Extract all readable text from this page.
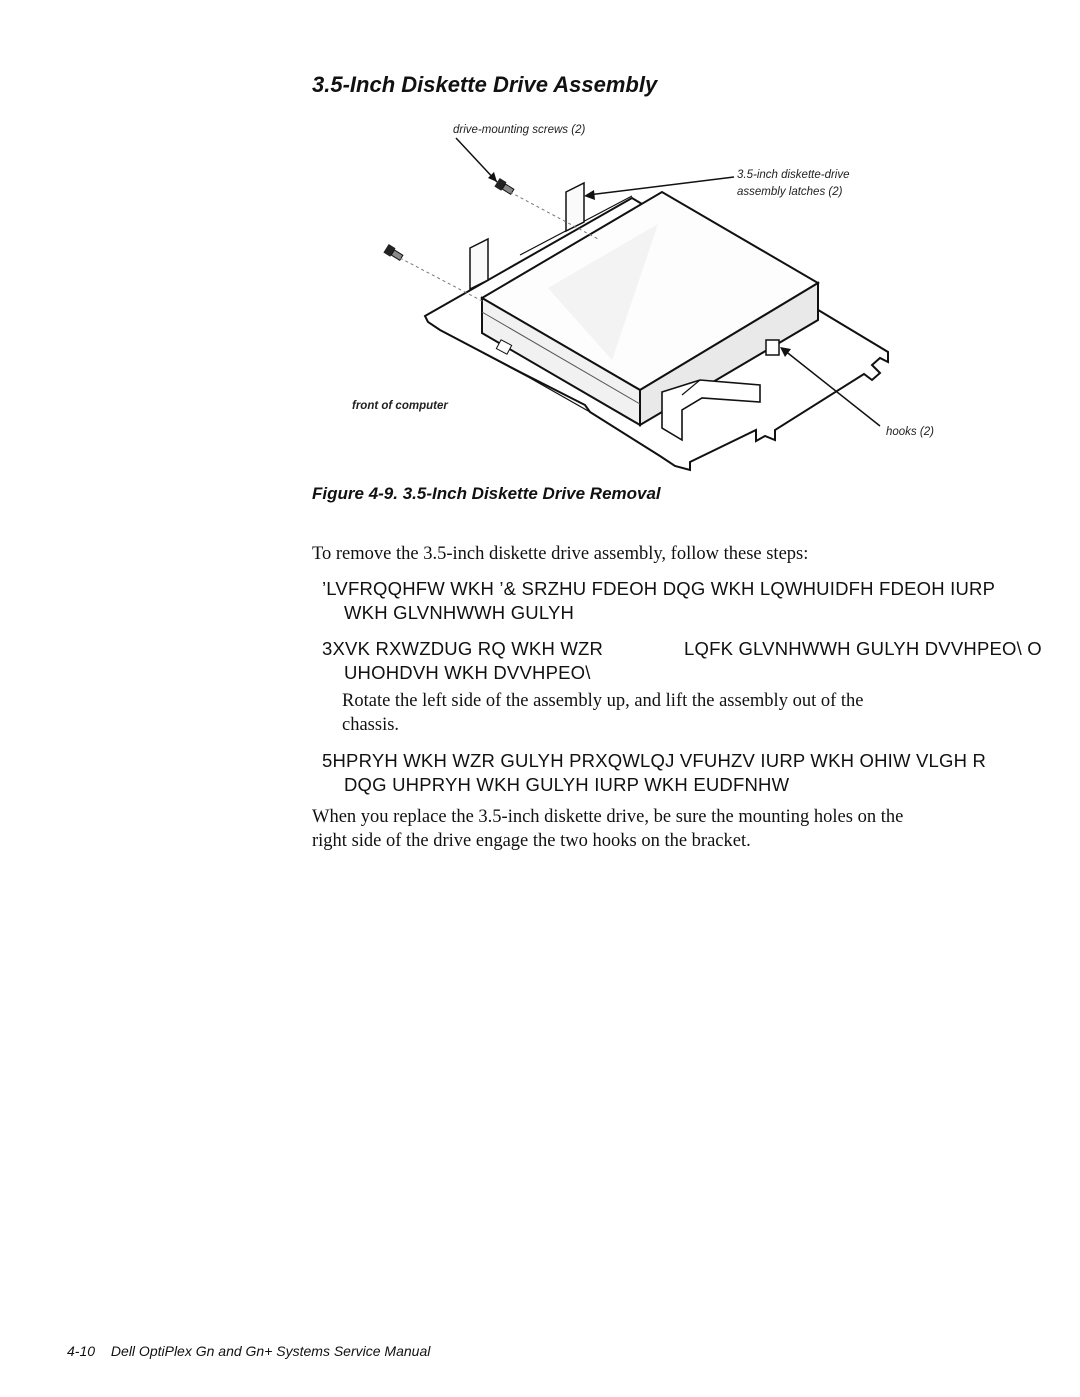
3.5-Inch Diskette Drive Assembly
drive-mounting screws (2)
3.5-inch diskette-drive
assembly latches (2)
front of computer
hooks (2)
Figure 4-9. 3.5-Inch Diskette Drive Removal
To remove the 3.5-inch diskette drive assembly, follow these steps:
’LVFRQQHFW WKH ’& SRZHU FDEOH DQG WKH LQWHUIDFH FDEOH IURP
WKH GLVNHWWH GULYH
3XVK RXWZDUG RQ WKH WZR	LQFK GLVNHWWH GULYH DVVHPEO\ O
UHOHDVH WKH DVVHPEO\
Rotate the left side of the assembly up, and lift the assembly out of the
chassis.
5HPRYH WKH WZR GULYH PRXQWLQJ VFUHZV IURP WKH OHIW VLGH R
DQG UHPRYH WKH GULYH IURP WKH EUDFNHW
When you replace the 3.5-inch diskette drive, be sure the mounting holes on the
right side of the drive engage the two hooks on the bracket.
4-10 Dell OptiPlex Gn and Gn+ Systems Service Manual
